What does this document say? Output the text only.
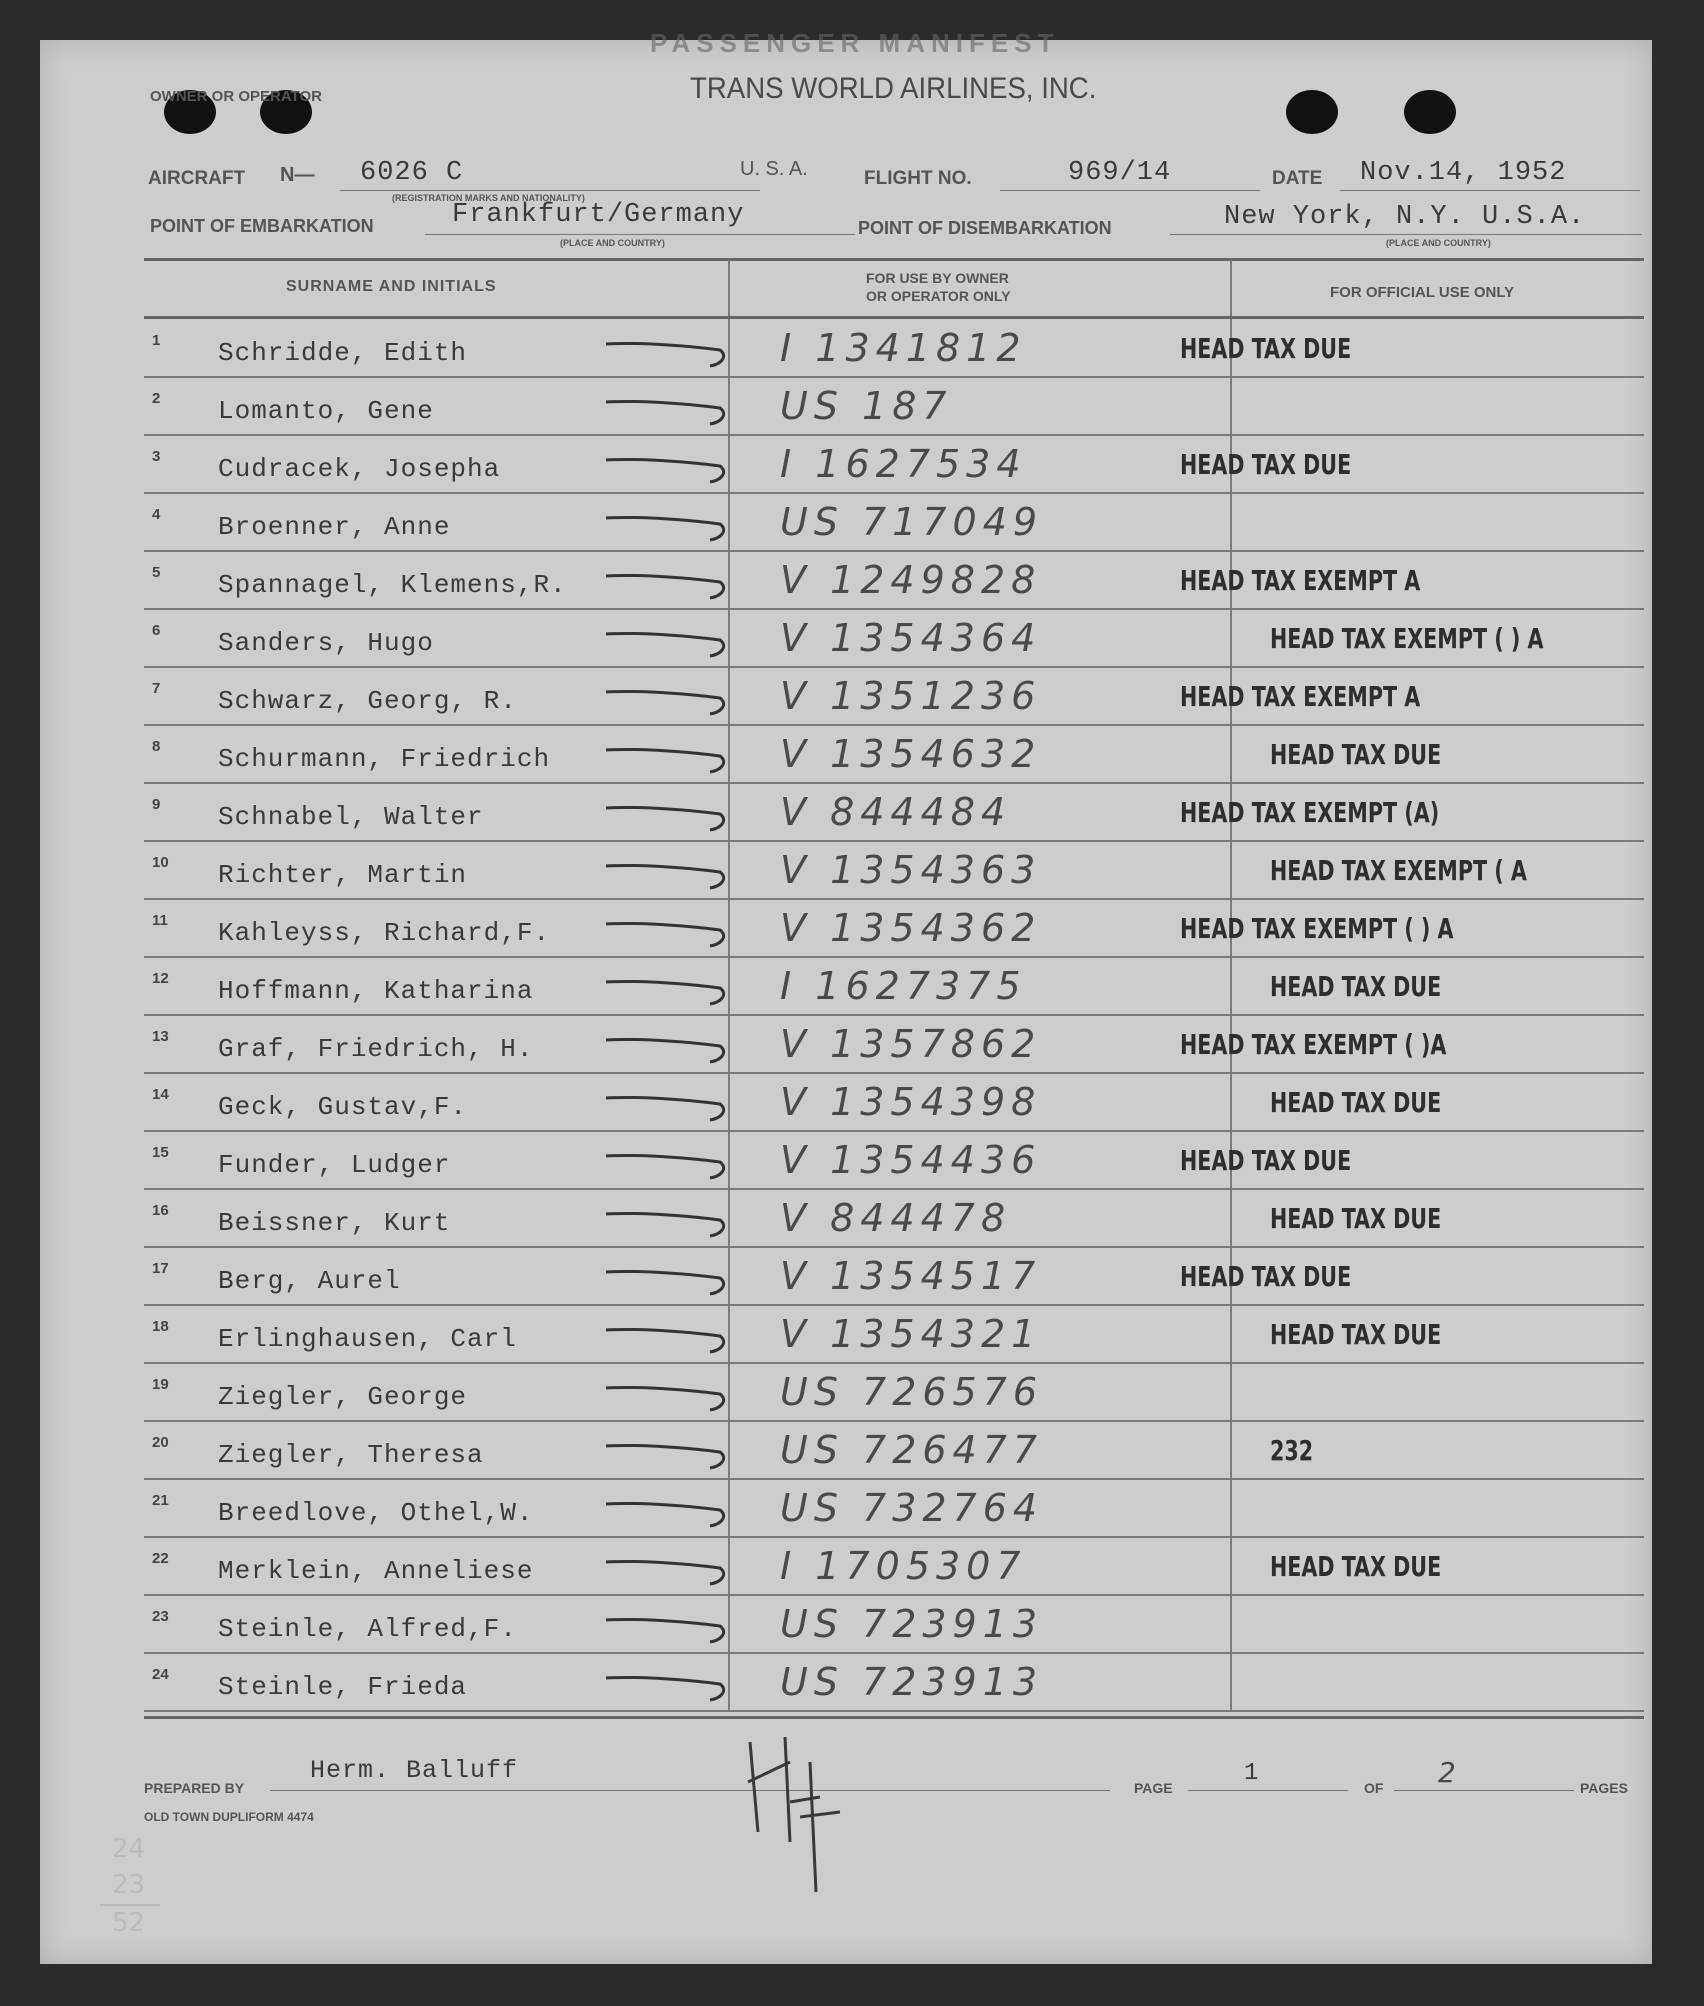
PASSENGER MANIFEST
OWNER OR OPERATOR	TRANS WORLD AIRLINES, INC.
AIRCRAFT N— 6026 C
(REGISTRATION MARKS AND NATIONALITY)
U. S. A.	FLIGHT NO.	969/14	DATE Nov.14, 1952
POINT OF EMBARKATION	Frankfurt/Germany
(PLACE AND COUNTRY)
POINT OF DISEMBARKATION	New York, N.Y. U.S.A.
(PLACE AND COUNTRY)
SURNAME AND INITIALS	FOR USE BY OWNER
OR OPERATOR ONLY	FOR OFFICIAL USE ONLY
1 Schridde, Edith	I 1341812	HEAD TAX DUE
2 Lomanto, Gene	US 187
3 Cudracek, Josepha	I 1627534	HEAD TAX DUE
4 Broenner, Anne	US 717049
5 Spannagel, Klemens,R.	V 1249828	HEAD TAX EXEMPT A
6 Sanders, Hugo	V 1354364	HEAD TAX EXEMPT ( ) A
7 Schwarz, Georg, R.	V 1351236	HEAD TAX EXEMPT A
8 Schurmann, Friedrich	V 1354632	HEAD TAX DUE
9 Schnabel, Walter	V 844484	HEAD TAX EXEMPT (A)
10 Richter, Martin	V 1354363	HEAD TAX EXEMPT ( A
11 Kahleyss, Richard,F.	V 1354362	HEAD TAX EXEMPT ( ) A
12 Hoffmann, Katharina	I 1627375	HEAD TAX DUE
13 Graf, Friedrich, H.	V 1357862	HEAD TAX EXEMPT ( )A
14 Geck, Gustav,F.	V 1354398	HEAD TAX DUE
15 Funder, Ludger	V 1354436	HEAD TAX DUE
16 Beissner, Kurt	V 844478	HEAD TAX DUE
17 Berg, Aurel	V 1354517	HEAD TAX DUE
18 Erlinghausen, Carl	V 1354321	HEAD TAX DUE
19 Ziegler, George	US 726576
20 Ziegler, Theresa	US 726477	232
21 Breedlove, Othel,W.	US 732764
22 Merklein, Anneliese	I 1705307	HEAD TAX DUE
23 Steinle, Alfred,F.	US 723913
24 Steinle, Frieda	US 723913
PREPARED BY
Herm. Balluff
OLD TOWN DUPLIFORM 4474
PAGE
1
OF 2	PAGES
24
23
52
